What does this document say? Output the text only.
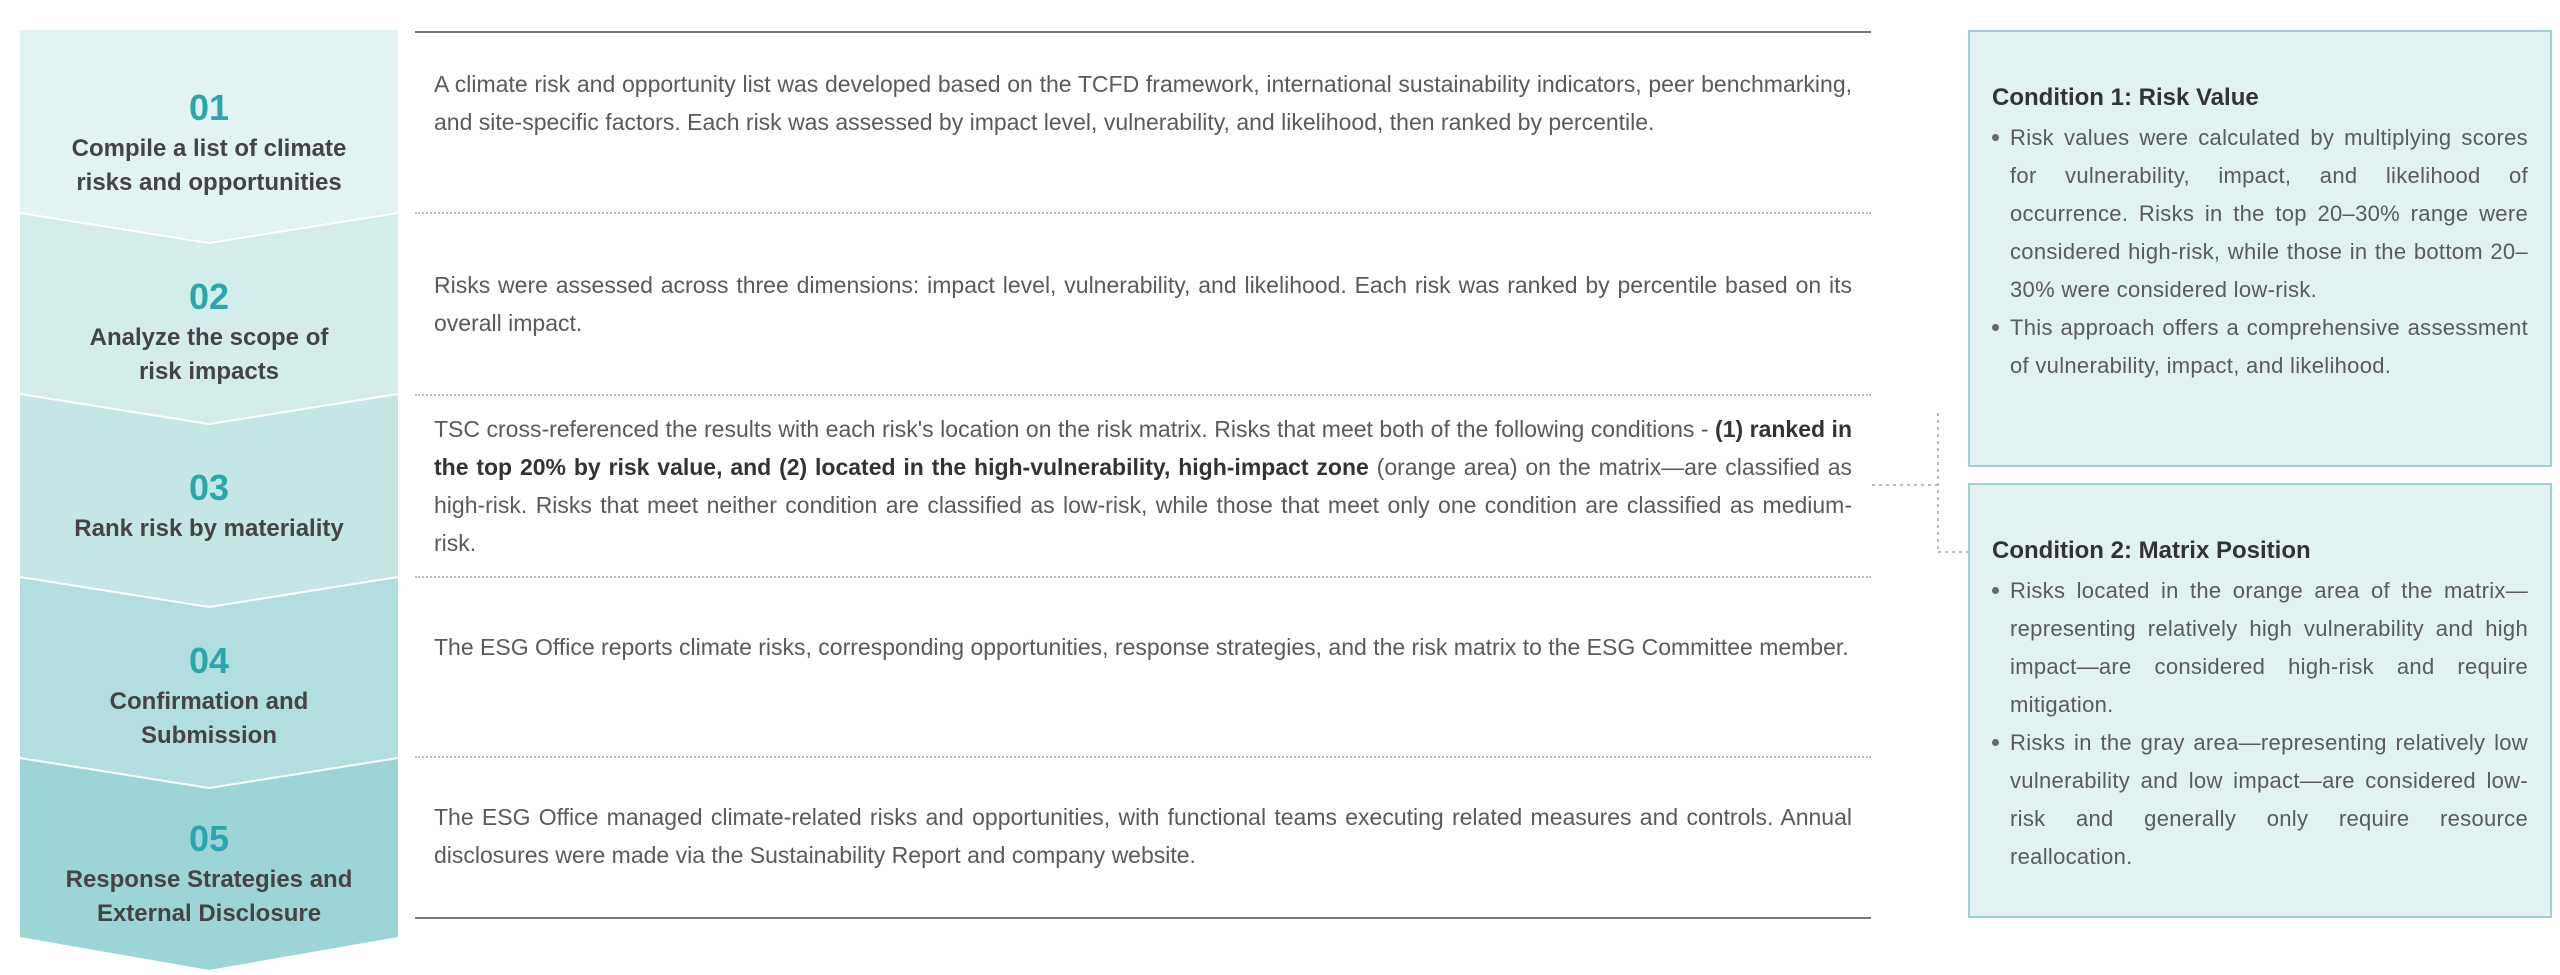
01
Compile a list of climate
risks and opportunities
02
Analyze the scope of
risk impacts
03
Rank risk by materiality
04
Confirmation and
Submission
05
Response Strategies and
External Disclosure
A climate risk and opportunity list was developed based on the TCFD framework, international sustainability indicators, peer benchmarking, and site-specific factors. Each risk was assessed by impact level, vulnerability, and likelihood, then ranked by percentile.
Risks were assessed across three dimensions: impact level, vulnerability, and likelihood. Each risk was ranked by percentile based on its overall impact.
TSC cross-referenced the results with each risk's location on the risk matrix. Risks that meet both of the following conditions - (1) ranked in the top 20% by risk value, and (2) located in the high-vulnerability, high-impact zone (orange area) on the matrix—are classified as high-risk. Risks that meet neither condition are classified as low-risk, while those that meet only one condition are classified as medium-risk.
The ESG Office reports climate risks, corresponding opportunities, response strategies, and the risk matrix to the ESG Committee member.
The ESG Office managed climate-related risks and opportunities, with functional teams executing related measures and controls. Annual disclosures were made via the Sustainability Report and company website.
Condition 1: Risk Value
Risk values were calculated by multiplying scores for vulnerability, impact, and likelihood of occurrence. Risks in the top 20–30% range were considered high-risk, while those in the bottom 20–30% were considered low-risk.
This approach offers a comprehensive assessment of vulnerability, impact, and likelihood.
Condition 2: Matrix Position
Risks located in the orange area of the matrix—representing relatively high vulnerability and high impact—are considered high-risk and require mitigation.
Risks in the gray area—representing relatively low vulnerability and low impact—are considered low-risk and generally only require resource reallocation.
